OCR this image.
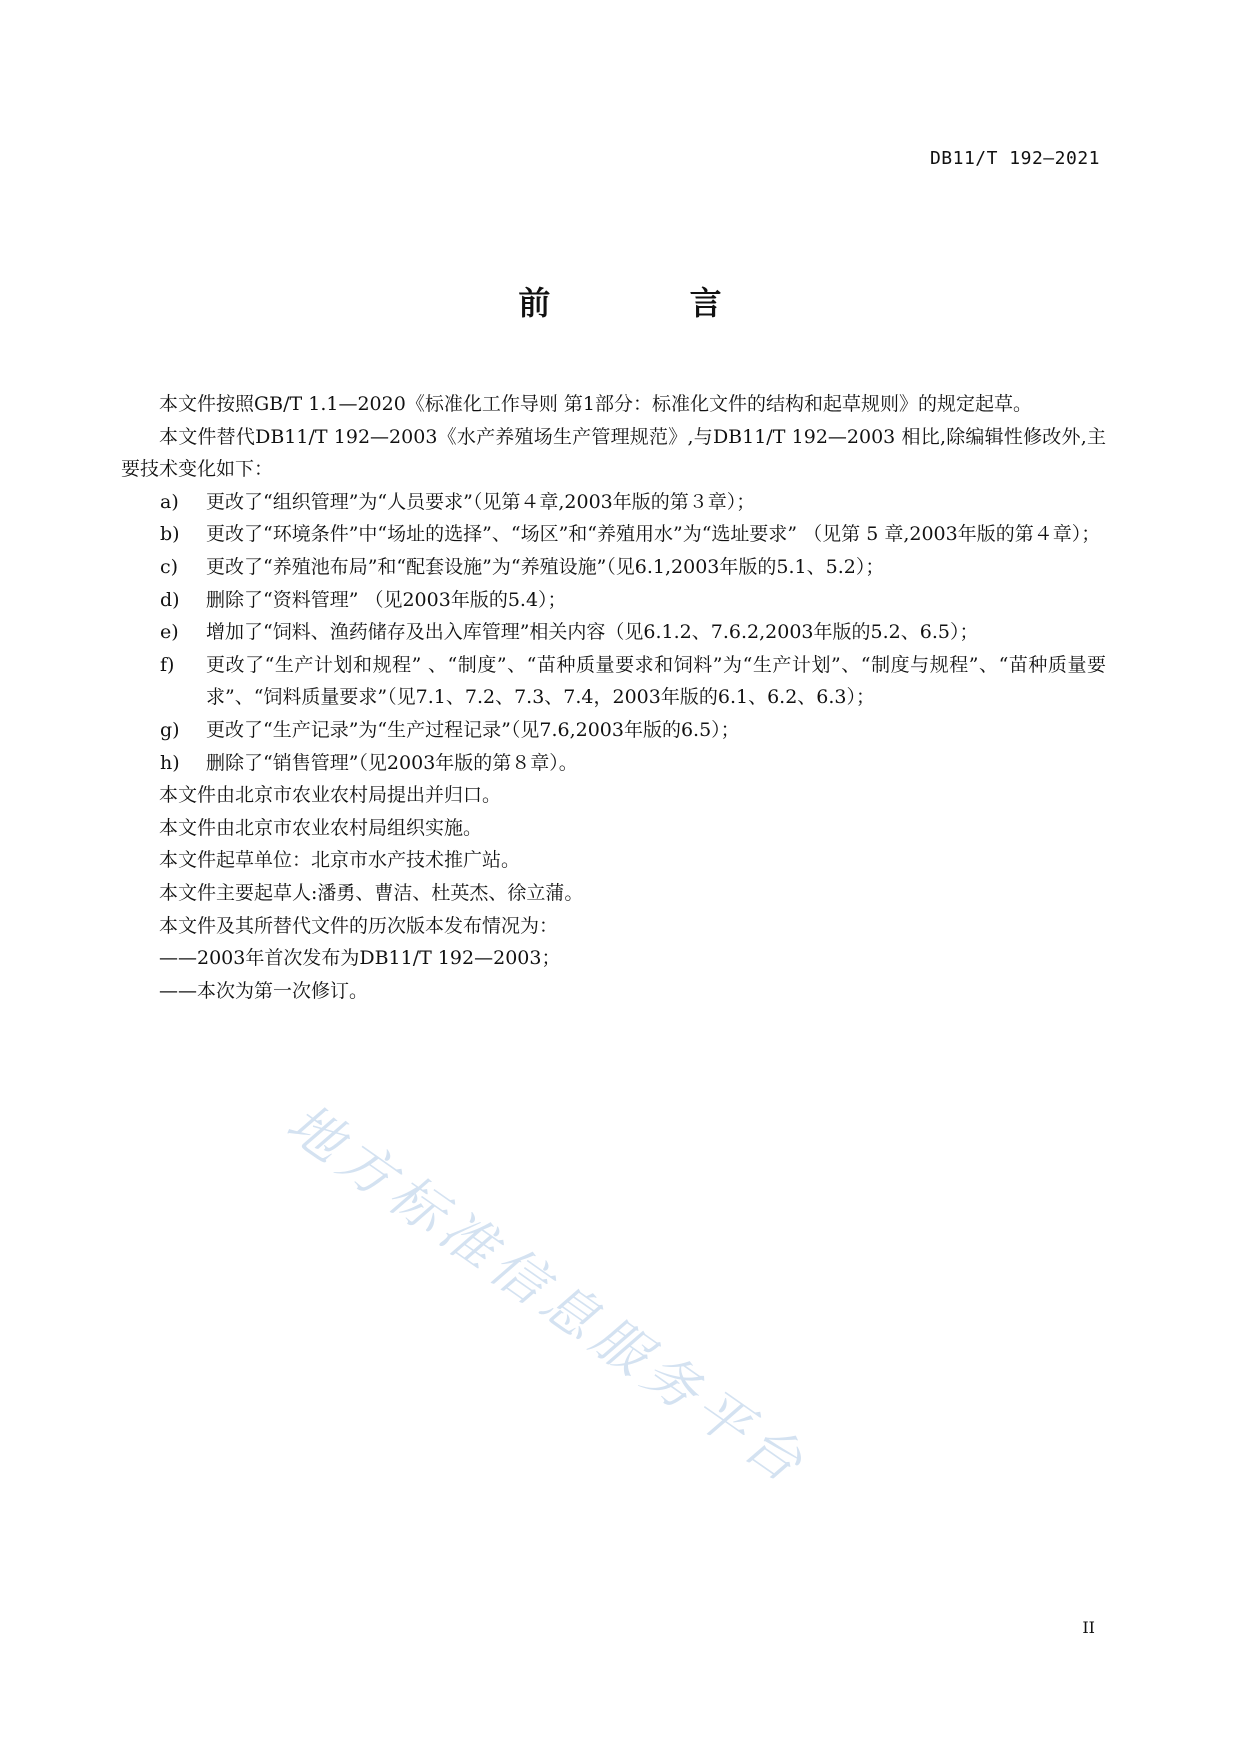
DB11/T 192—2021
前 言

本文件按照GB/T 1.1—2020《标准化工作导则 第1部分：标准化文件的结构和起草规则》的规定起草。

本文件替代DB11/T 192—2003《水产养殖场生产管理规范》,与DB11/T 192—2003 相比,除编辑性修改外,主要技术变化如下：

a)	更改了“组织管理”为“人员要求”（见第４章,2003年版的第３章）；
b)	更改了“环境条件”中“场址的选择”、“场区”和“养殖用水”为“选址要求” （见第 5 章,2003年版的第４章）；
c)	更改了“养殖池布局”和“配套设施”为“养殖设施”（见6.1,2003年版的5.1、5.2）；
d)	删除了“资料管理” （见2003年版的5.4）；
e)	增加了“饲料、渔药储存及出入库管理”相关内容（见6.1.2、7.6.2,2003年版的5.2、6.5）；
f)	更改了“生产计划和规程” 、“制度”、“苗种质量要求和饲料”为“生产计划”、“制度与规程”、“苗种质量要求”、“饲料质量要求”（见7.1、7.2、7.3、7.4，2003年版的6.1、6.2、6.3）；
g)	更改了“生产记录”为“生产过程记录”（见7.6,2003年版的6.5）；
h)	删除了“销售管理”（见2003年版的第８章）。

本文件由北京市农业农村局提出并归口。

本文件由北京市农业农村局组织实施。

本文件起草单位：北京市水产技术推广站。

本文件主要起草人:潘勇、曹洁、杜英杰、徐立蒲。

本文件及其所替代文件的历次版本发布情况为：

——2003年首次发布为DB11/T 192—2003；

——本次为第一次修订。

地方标准信息服务平台
II
